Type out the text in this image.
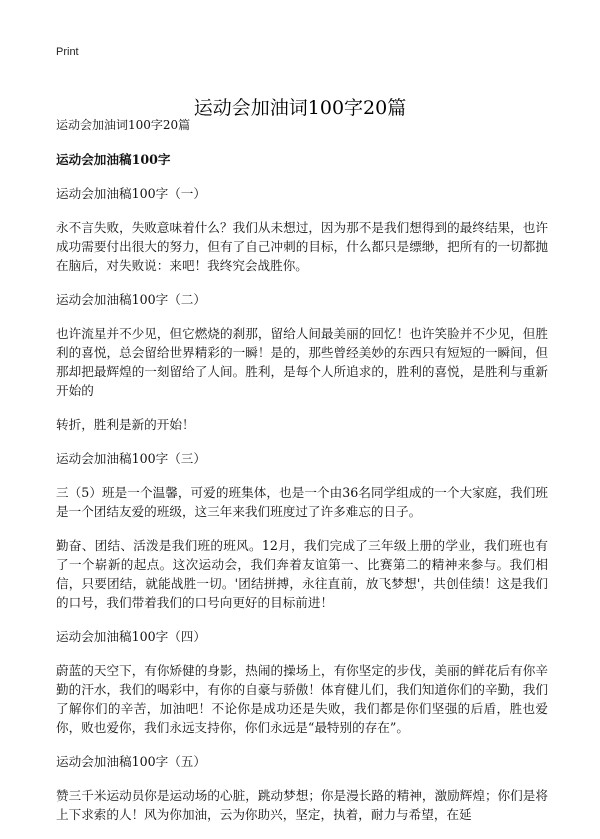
Print
运动会加油词100字20篇

运动会加油词100字20篇

运动会加油稿100字

运动会加油稿100字（一）

永不言失败，失败意味着什么？我们从未想过，因为那不是我们想得到的最终结果，也许成功需要付出很大的努力，但有了自己冲刺的目标，什么都只是缥缈，把所有的一切都抛在脑后，对失败说：来吧！我终究会战胜你。

运动会加油稿100字（二）

也许流星并不少见，但它燃烧的刹那，留给人间最美丽的回忆！也许笑脸并不少见，但胜利的喜悦，总会留给世界精彩的一瞬！是的，那些曾经美妙的东西只有短短的一瞬间，但那却把最辉煌的一刻留给了人间。胜利，是每个人所追求的，胜利的喜悦，是胜利与重新开始的

转折，胜利是新的开始！

运动会加油稿100字（三）

三（5）班是一个温馨，可爱的班集体，也是一个由36名同学组成的一个大家庭，我们班是一个团结友爱的班级，这三年来我们班度过了许多难忘的日子。

勤奋、团结、活泼是我们班的班风。12月，我们完成了三年级上册的学业，我们班也有了一个崭新的起点。这次运动会，我们奔着友谊第一、比赛第二的精神来参与。我们相信，只要团结，就能战胜一切。'团结拼搏，永往直前，放飞梦想'，共创佳绩！这是我们的口号，我们带着我们的口号向更好的目标前进！

运动会加油稿100字（四）

蔚蓝的天空下，有你矫健的身影，热闹的操场上，有你坚定的步伐，美丽的鲜花后有你辛勤的汗水，我们的喝彩中，有你的自豪与骄傲！体育健儿们，我们知道你们的辛勤，我们了解你们的辛苦，加油吧！不论你是成功还是失败，我们都是你们坚强的后盾，胜也爱你，败也爱你，我们永远支持你，你们永远是“最特别的存在”。

运动会加油稿100字（五）

赞三千米运动员你是运动场的心脏，跳动梦想；你是漫长路的精神，激励辉煌；你们是将上下求索的人！风为你加油，云为你助兴，坚定，执着，耐力与希望，在延
